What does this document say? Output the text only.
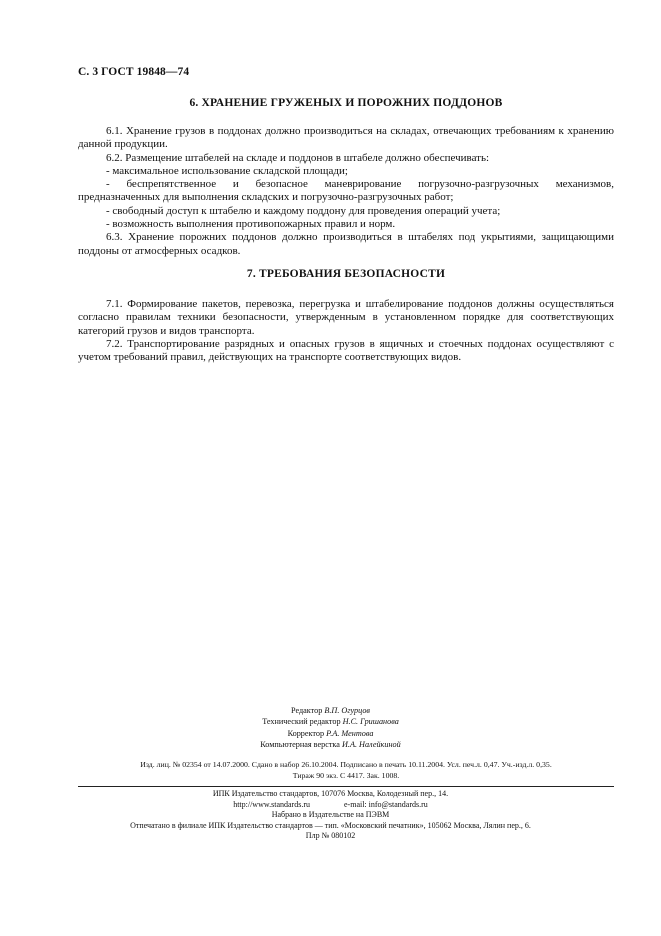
С. 3 ГОСТ 19848—74

6. ХРАНЕНИЕ ГРУЖЕНЫХ И ПОРОЖНИХ ПОДДОНОВ

6.1. Хранение грузов в поддонах должно производиться на складах, отвечающих требованиям к хранению данной продукции.

6.2. Размещение штабелей на складе и поддонов в штабеле должно обеспечивать:

- максимальное использование складской площади;

- беспрепятственное и безопасное маневрирование погрузочно-разгрузочных механизмов, предназначенных для выполнения складских и погрузочно-разгрузочных работ;

- свободный доступ к штабелю и каждому поддону для проведения операций учета;

- возможность выполнения противопожарных правил и норм.

6.3. Хранение порожних поддонов должно производиться в штабелях под укрытиями, защищающими поддоны от атмосферных осадков.

7. ТРЕБОВАНИЯ БЕЗОПАСНОСТИ

7.1. Формирование пакетов, перевозка, перегрузка и штабелирование поддонов должны осуществляться согласно правилам техники безопасности, утвержденным в установленном порядке для соответствующих категорий грузов и видов транспорта.

7.2. Транспортирование разрядных и опасных грузов в ящичных и стоечных поддонах осуществляют с учетом требований правил, действующих на транспорте соответствующих видов.

Редактор В.П. Огурцов
Технический редактор Н.С. Гришанова
Корректор Р.А. Ментова
Компьютерная верстка И.А. Налейкиной
Изд. лиц. № 02354 от 14.07.2000. Сдано в набор 26.10.2004. Подписано в печать 10.11.2004. Усл. печ.л. 0,47. Уч.-изд.л. 0,35.
Тираж 90 экз. С 4417. Зак. 1008.
ИПК Издательство стандартов, 107076 Москва, Колодезный пер., 14.
http://www.standards.ru	e-mail: info@standards.ru
Набрано в Издательстве на ПЭВМ
Отпечатано в филиале ИПК Издательство стандартов — тип. «Московский печатник», 105062 Москва, Лялин пер., 6.
Плр № 080102
